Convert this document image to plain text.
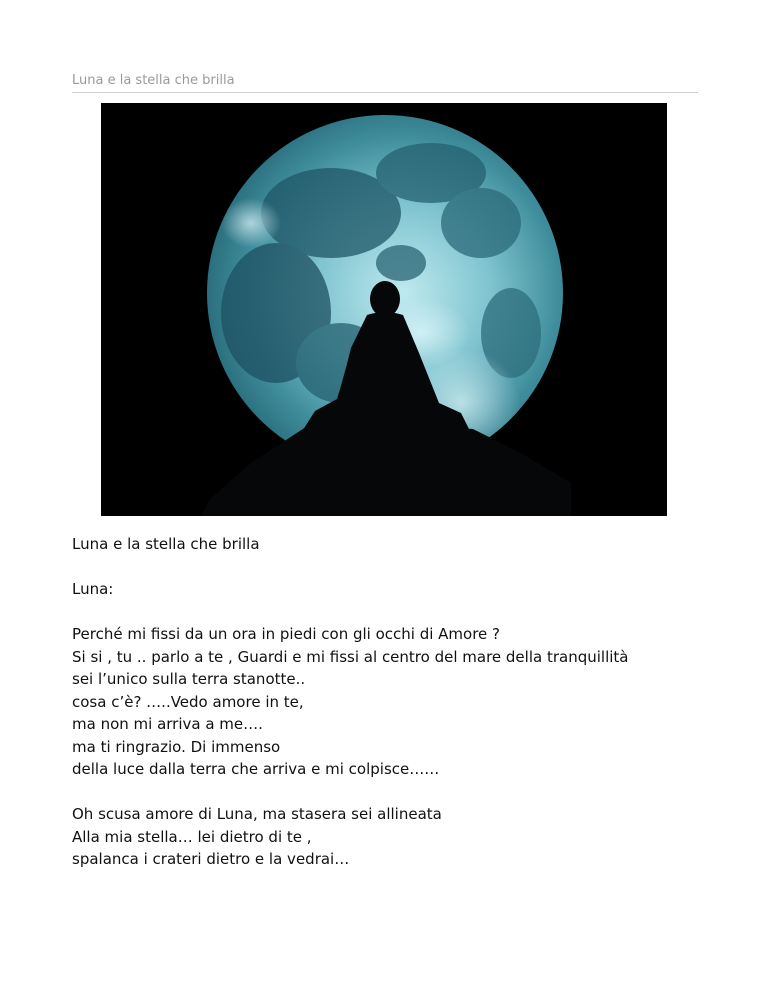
Luna e la stella che brilla

Luna e la stella che brilla

Luna:

Perché mi fissi da un ora in piedi con gli occhi di Amore ?

Si si , tu .. parlo a te , Guardi e mi fissi al centro del mare della tranquillità

sei l’unico sulla terra stanotte..

cosa c’è? …..Vedo amore in te,

ma non mi arriva a me….

ma ti ringrazio. Di immenso

della luce dalla terra che arriva e mi colpisce……

Oh scusa amore di Luna, ma stasera sei allineata

Alla mia stella… lei dietro di te ,

spalanca i crateri dietro e la vedrai…
